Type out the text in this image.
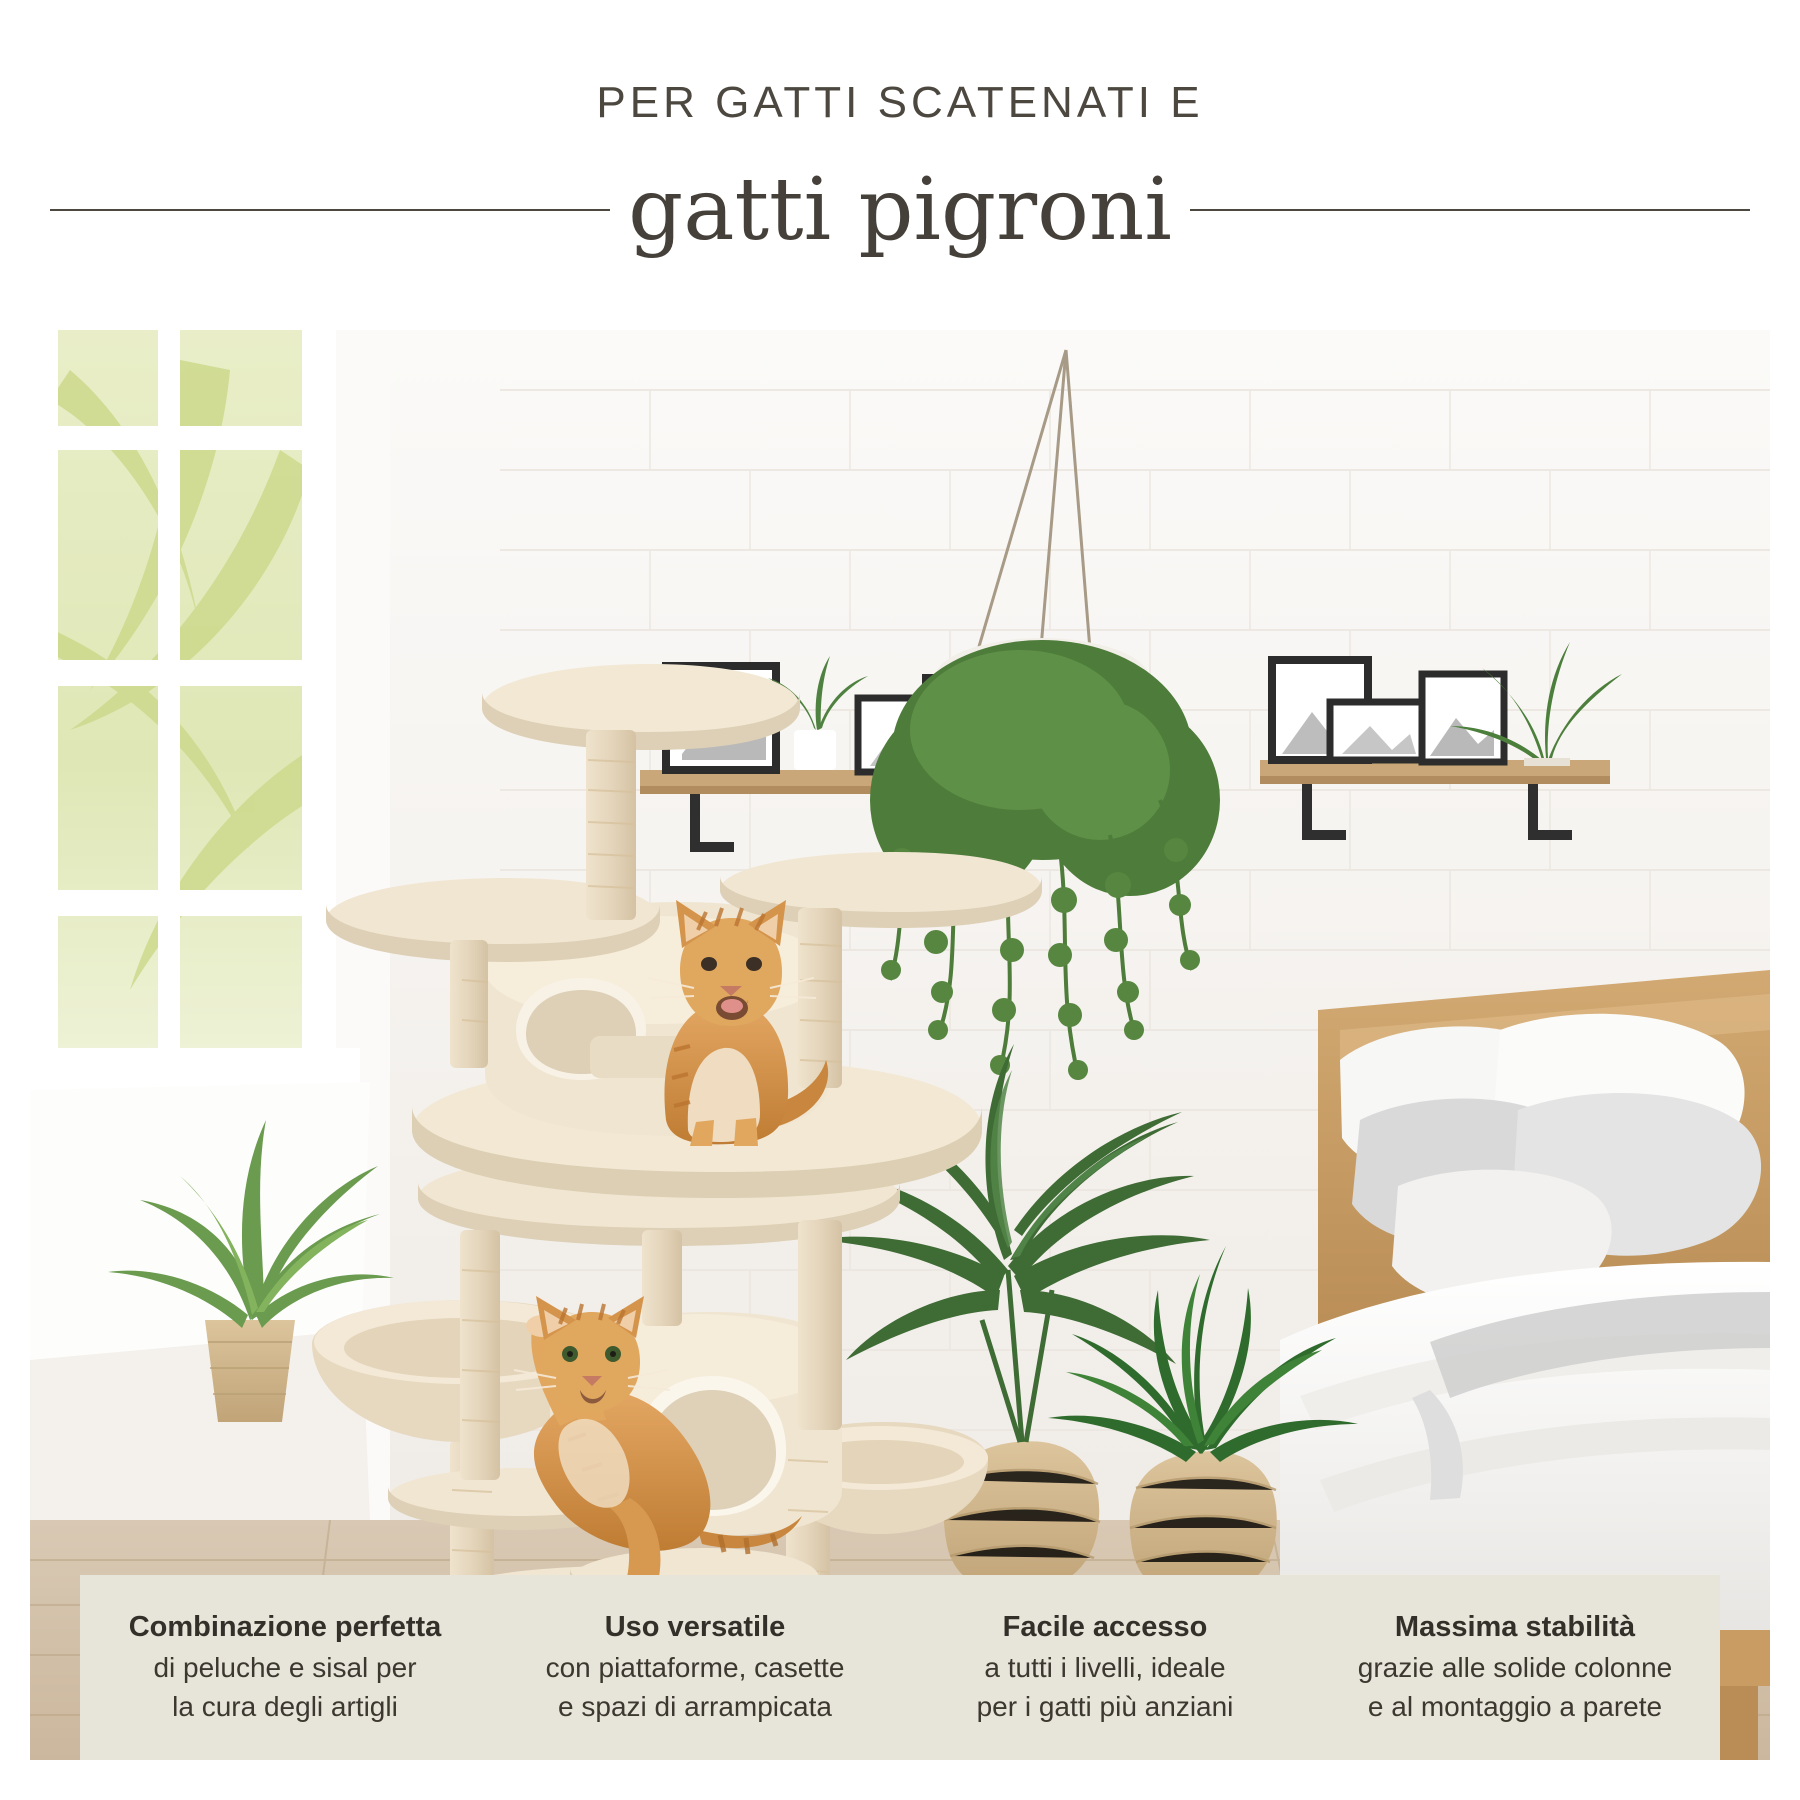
PER GATTI SCATENATI E
gatti pigroni
Combinazione perfetta
di peluche e sisal per
la cura degli artigli
Uso versatile
con piattaforme, casette
e spazi di arrampicata
Facile accesso
a tutti i livelli, ideale
per i gatti più anziani
Massima stabilità
grazie alle solide colonne
e al montaggio a parete
